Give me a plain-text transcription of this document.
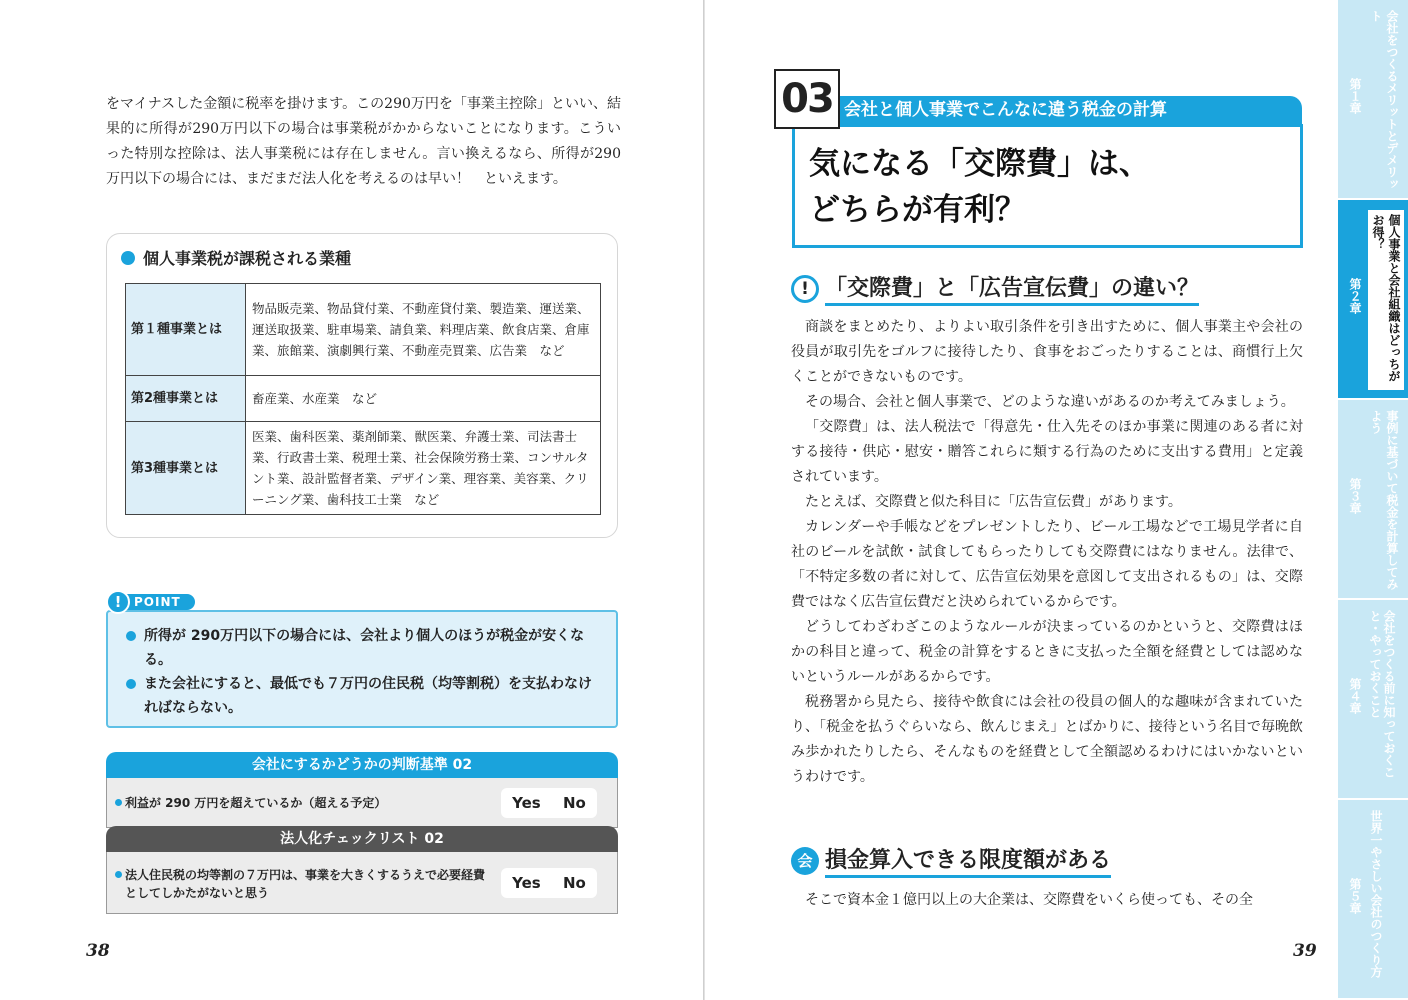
をマイナスした金額に税率を掛けます。この290万円を「事業主控除」といい、結果的に所得が290万円以下の場合は事業税がかからないことになります。こういった特別な控除は、法人事業税には存在しません。言い換えるなら、所得が290万円以下の場合には、まだまだ法人化を考えるのは早い！　といえます。

個人事業税が課税される業種
第１種事業とは	物品販売業、物品貸付業、不動産貸付業、製造業、運送業、運送取扱業、駐車場業、請負業、料理店業、飲食店業、倉庫業、旅館業、演劇興行業、不動産売買業、広告業　など
第2種事業とは	畜産業、水産業　など
第3種事業とは	医業、歯科医業、薬剤師業、獣医業、弁護士業、司法書士業、行政書士業、税理士業、社会保険労務士業、コンサルタント業、設計監督者業、デザイン業、理容業、美容業、クリーニング業、歯科技工士業　など
!	POINT
所得が 290万円以下の場合には、会社より個人のほうが税金が安くなる。
また会社にすると、最低でも７万円の住民税（均等割税）を支払わなければならない。
会社にするかどうかの判断基準 02
利益が 290 万円を超えているか（超える予定）	Yes No
法人化チェックリスト 02
法人住民税の均等割の７万円は、事業を大きくするうえで必要経費としてしかたがないと思う
Yes No
38
03 会社と個人事業でこんなに違う税金の計算
気になる「交際費」は、
どちらが有利？
! 「交際費」と「広告宣伝費」の違い？

商談をまとめたり、よりよい取引条件を引き出すために、個人事業主や会社の役員が取引先をゴルフに接待したり、食事をおごったりすることは、商慣行上欠くことができないものです。

その場合、会社と個人事業で、どのような違いがあるのか考えてみましょう。

「交際費」は、法人税法で「得意先・仕入先そのほか事業に関連のある者に対する接待・供応・慰安・贈答これらに類する行為のために支出する費用」と定義されています。

たとえば、交際費と似た科目に「広告宣伝費」があります。

カレンダーや手帳などをプレゼントしたり、ビール工場などで工場見学者に自社のビールを試飲・試食してもらったりしても交際費にはなりません。法律で、「不特定多数の者に対して、広告宣伝効果を意図して支出されるもの」は、交際費ではなく広告宣伝費だと決められているからです。

どうしてわざわざこのようなルールが決まっているのかというと、交際費はほかの科目と違って、税金の計算をするときに支払った全額を経費としては認めないというルールがあるからです。

税務署から見たら、接待や飲食には会社の役員の個人的な趣味が含まれていたり、「税金を払うぐらいなら、飲んじまえ」とばかりに、接待という名目で毎晩飲み歩かれたりしたら、そんなものを経費として全額認めるわけにはいかないというわけです。

会 損金算入できる限度額がある

そこで資本金１億円以上の大企業は、交際費をいくら使っても、その全

39
第１章	会社をつくるメリットとデメリット
第２章	個人事業と会社組織はどっちがお得？
第３章	事例に基づいて税金を計算してみよう
第４章	会社をつくる前に知っておくこと・やっておくこと
第５章 世界一やさしい会社のつくり方
